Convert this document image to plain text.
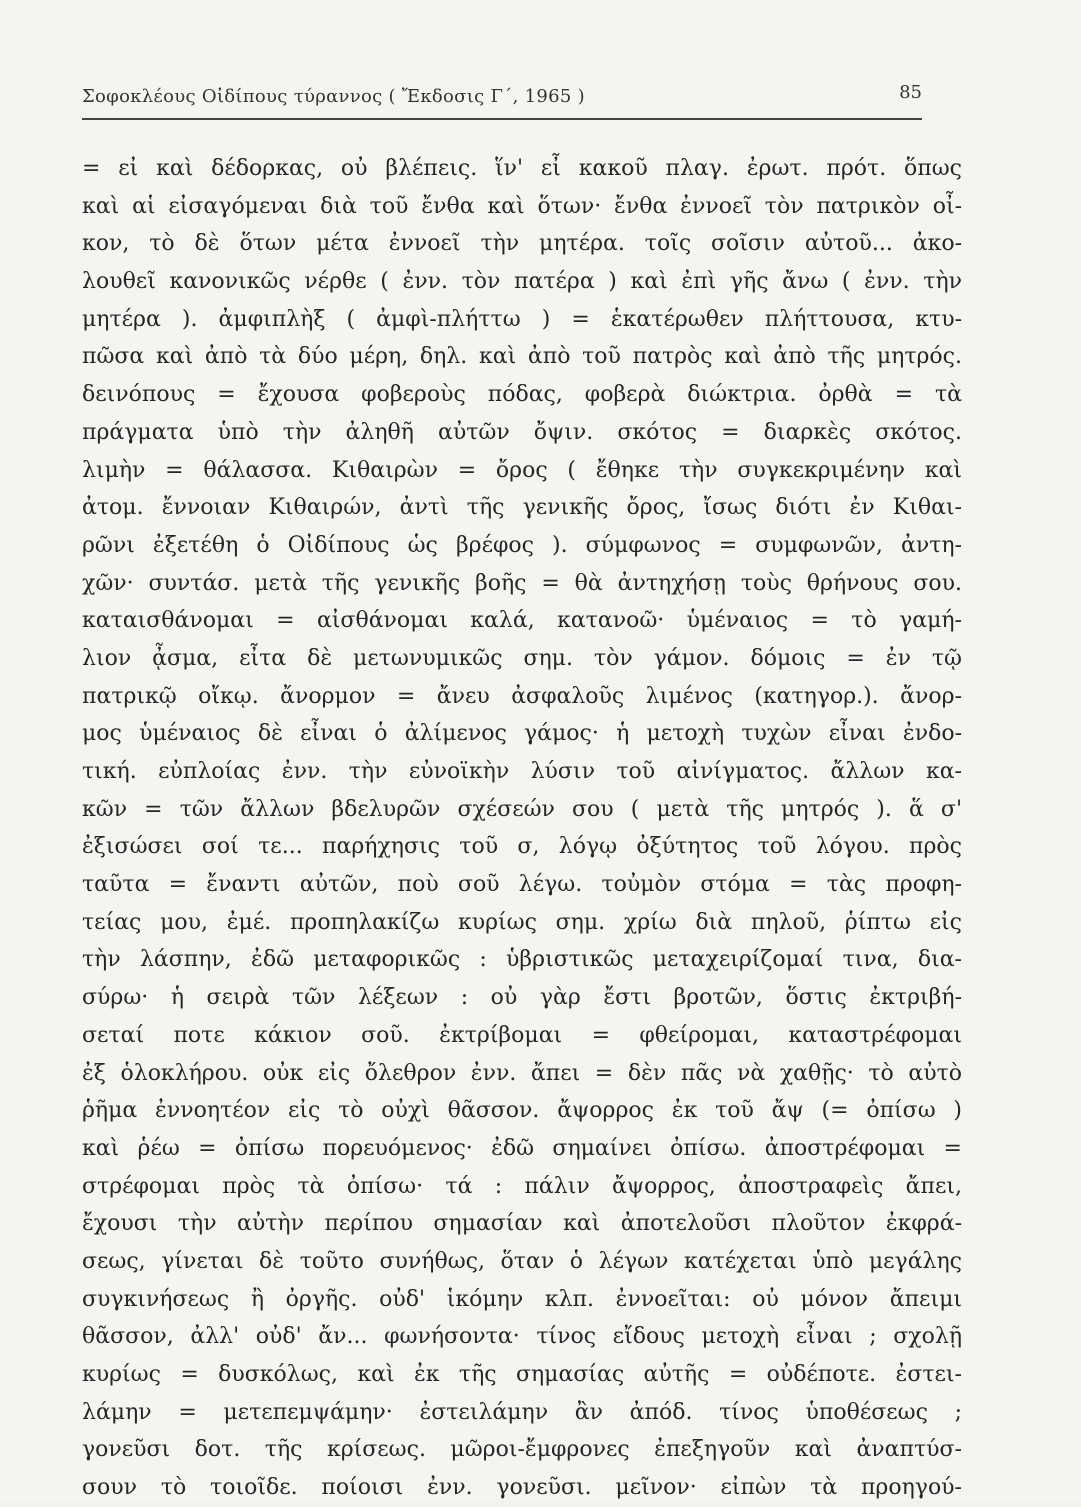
Σοφοκλέους Οἰδίπους τύραννος ( Ἔκδοσις Γ΄, 1965 )	85
= εἰ καὶ δέδορκας, οὐ βλέπεις. ἵν' εἶ κακοῦ πλαγ. ἐρωτ. πρότ. ὅπως
καὶ αἱ εἰσαγόμεναι διὰ τοῦ ἔνθα καὶ ὅτων· ἔνθα ἐννοεῖ τὸν πατρικὸν οἶ-
κον, τὸ δὲ ὅτων μέτα ἐννοεῖ τὴν μητέρα. τοῖς σοῖσιν αὐτοῦ... ἀκο-
λουθεῖ κανονικῶς νέρθε ( ἐνν. τὸν πατέρα ) καὶ ἐπὶ γῆς ἄνω ( ἐνν. τὴν
μητέρα ). ἀμφιπλὴξ ( ἀμφὶ-πλήττω ) = ἑκατέρωθεν πλήττουσα, κτυ-
πῶσα καὶ ἀπὸ τὰ δύο μέρη, δηλ. καὶ ἀπὸ τοῦ πατρὸς καὶ ἀπὸ τῆς μητρός.
δεινόπους = ἔχουσα φοβεροὺς πόδας, φοβερὰ διώκτρια. ὀρθὰ = τὰ
πράγματα ὑπὸ τὴν ἀληθῆ αὐτῶν ὄψιν. σκότος = διαρκὲς σκότος.
λιμὴν = θάλασσα. Κιθαιρὼν = ὄρος ( ἔθηκε τὴν συγκεκριμένην καὶ
ἀτομ. ἔννοιαν Κιθαιρών, ἀντὶ τῆς γενικῆς ὄρος, ἴσως διότι ἐν Κιθαι-
ρῶνι ἐξετέθη ὁ Οἰδίπους ὡς βρέφος ). σύμφωνος = συμφωνῶν, ἀντη-
χῶν· συντάσ. μετὰ τῆς γενικῆς βοῆς = θὰ ἀντηχήσῃ τοὺς θρήνους σου.
καταισθάνομαι = αἰσθάνομαι καλά, κατανοῶ· ὑμέναιος = τὸ γαμή-
λιον ᾆσμα, εἶτα δὲ μετωνυμικῶς σημ. τὸν γάμον. δόμοις = ἐν τῷ
πατρικῷ οἴκῳ. ἄνορμον = ἄνευ ἀσφαλοῦς λιμένος (κατηγορ.). ἄνορ-
μος ὑμέναιος δὲ εἶναι ὁ ἀλίμενος γάμος· ἡ μετοχὴ τυχὼν εἶναι ἐνδο-
τική. εὐπλοίας ἐνν. τὴν εὐνοϊκὴν λύσιν τοῦ αἰνίγματος. ἄλλων κα-
κῶν = τῶν ἄλλων βδελυρῶν σχέσεών σου ( μετὰ τῆς μητρός ). ἅ σ'
ἐξισώσει σοί τε... παρήχησις τοῦ σ, λόγῳ ὀξύτητος τοῦ λόγου. πρὸς
ταῦτα = ἔναντι αὐτῶν, ποὺ σοῦ λέγω. τοὐμὸν στόμα = τὰς προφη-
τείας μου, ἐμέ. προπηλακίζω κυρίως σημ. χρίω διὰ πηλοῦ, ῥίπτω εἰς
τὴν λάσπην, ἐδῶ μεταφορικῶς : ὑβριστικῶς μεταχειρίζομαί τινα, δια-
σύρω· ἡ σειρὰ τῶν λέξεων : οὐ γὰρ ἔστι βροτῶν, ὅστις ἐκτριβή-
σεταί ποτε κάκιον σοῦ. ἐκτρίβομαι = φθείρομαι, καταστρέφομαι
ἐξ ὁλοκλήρου. οὐκ εἰς ὄλεθρον ἐνν. ἄπει = δὲν πᾶς νὰ χαθῇς· τὸ αὐτὸ
ῥῆμα ἐννοητέον εἰς τὸ οὐχὶ θᾶσσον. ἄψορρος ἐκ τοῦ ἄψ (= ὀπίσω )
καὶ ῥέω = ὀπίσω πορευόμενος· ἐδῶ σημαίνει ὀπίσω. ἀποστρέφομαι =
στρέφομαι πρὸς τὰ ὀπίσω· τά : πάλιν ἄψορρος, ἀποστραφεὶς ἄπει,
ἔχουσι τὴν αὐτὴν περίπου σημασίαν καὶ ἀποτελοῦσι πλοῦτον ἐκφρά-
σεως, γίνεται δὲ τοῦτο συνήθως, ὅταν ὁ λέγων κατέχεται ὑπὸ μεγάλης
συγκινήσεως ἢ ὀργῆς. οὐδ' ἱκόμην κλπ. ἐννοεῖται: οὐ μόνον ἄπειμι
θᾶσσον, ἀλλ' οὐδ' ἄν... φωνήσοντα· τίνος εἴδους μετοχὴ εἶναι ; σχολῇ
κυρίως = δυσκόλως, καὶ ἐκ τῆς σημασίας αὐτῆς = οὐδέποτε. ἐστει-
λάμην = μετεπεμψάμην· ἐστειλάμην ἂν ἀπόδ. τίνος ὑποθέσεως ;
γονεῦσι δοτ. τῆς κρίσεως. μῶροι-ἔμφρονες ἐπεξηγοῦν καὶ ἀναπτύσ-
σουν τὸ τοιοῖδε. ποίοισι ἐνν. γονεῦσι. μεῖνον· εἰπὼν τὰ προηγού-
